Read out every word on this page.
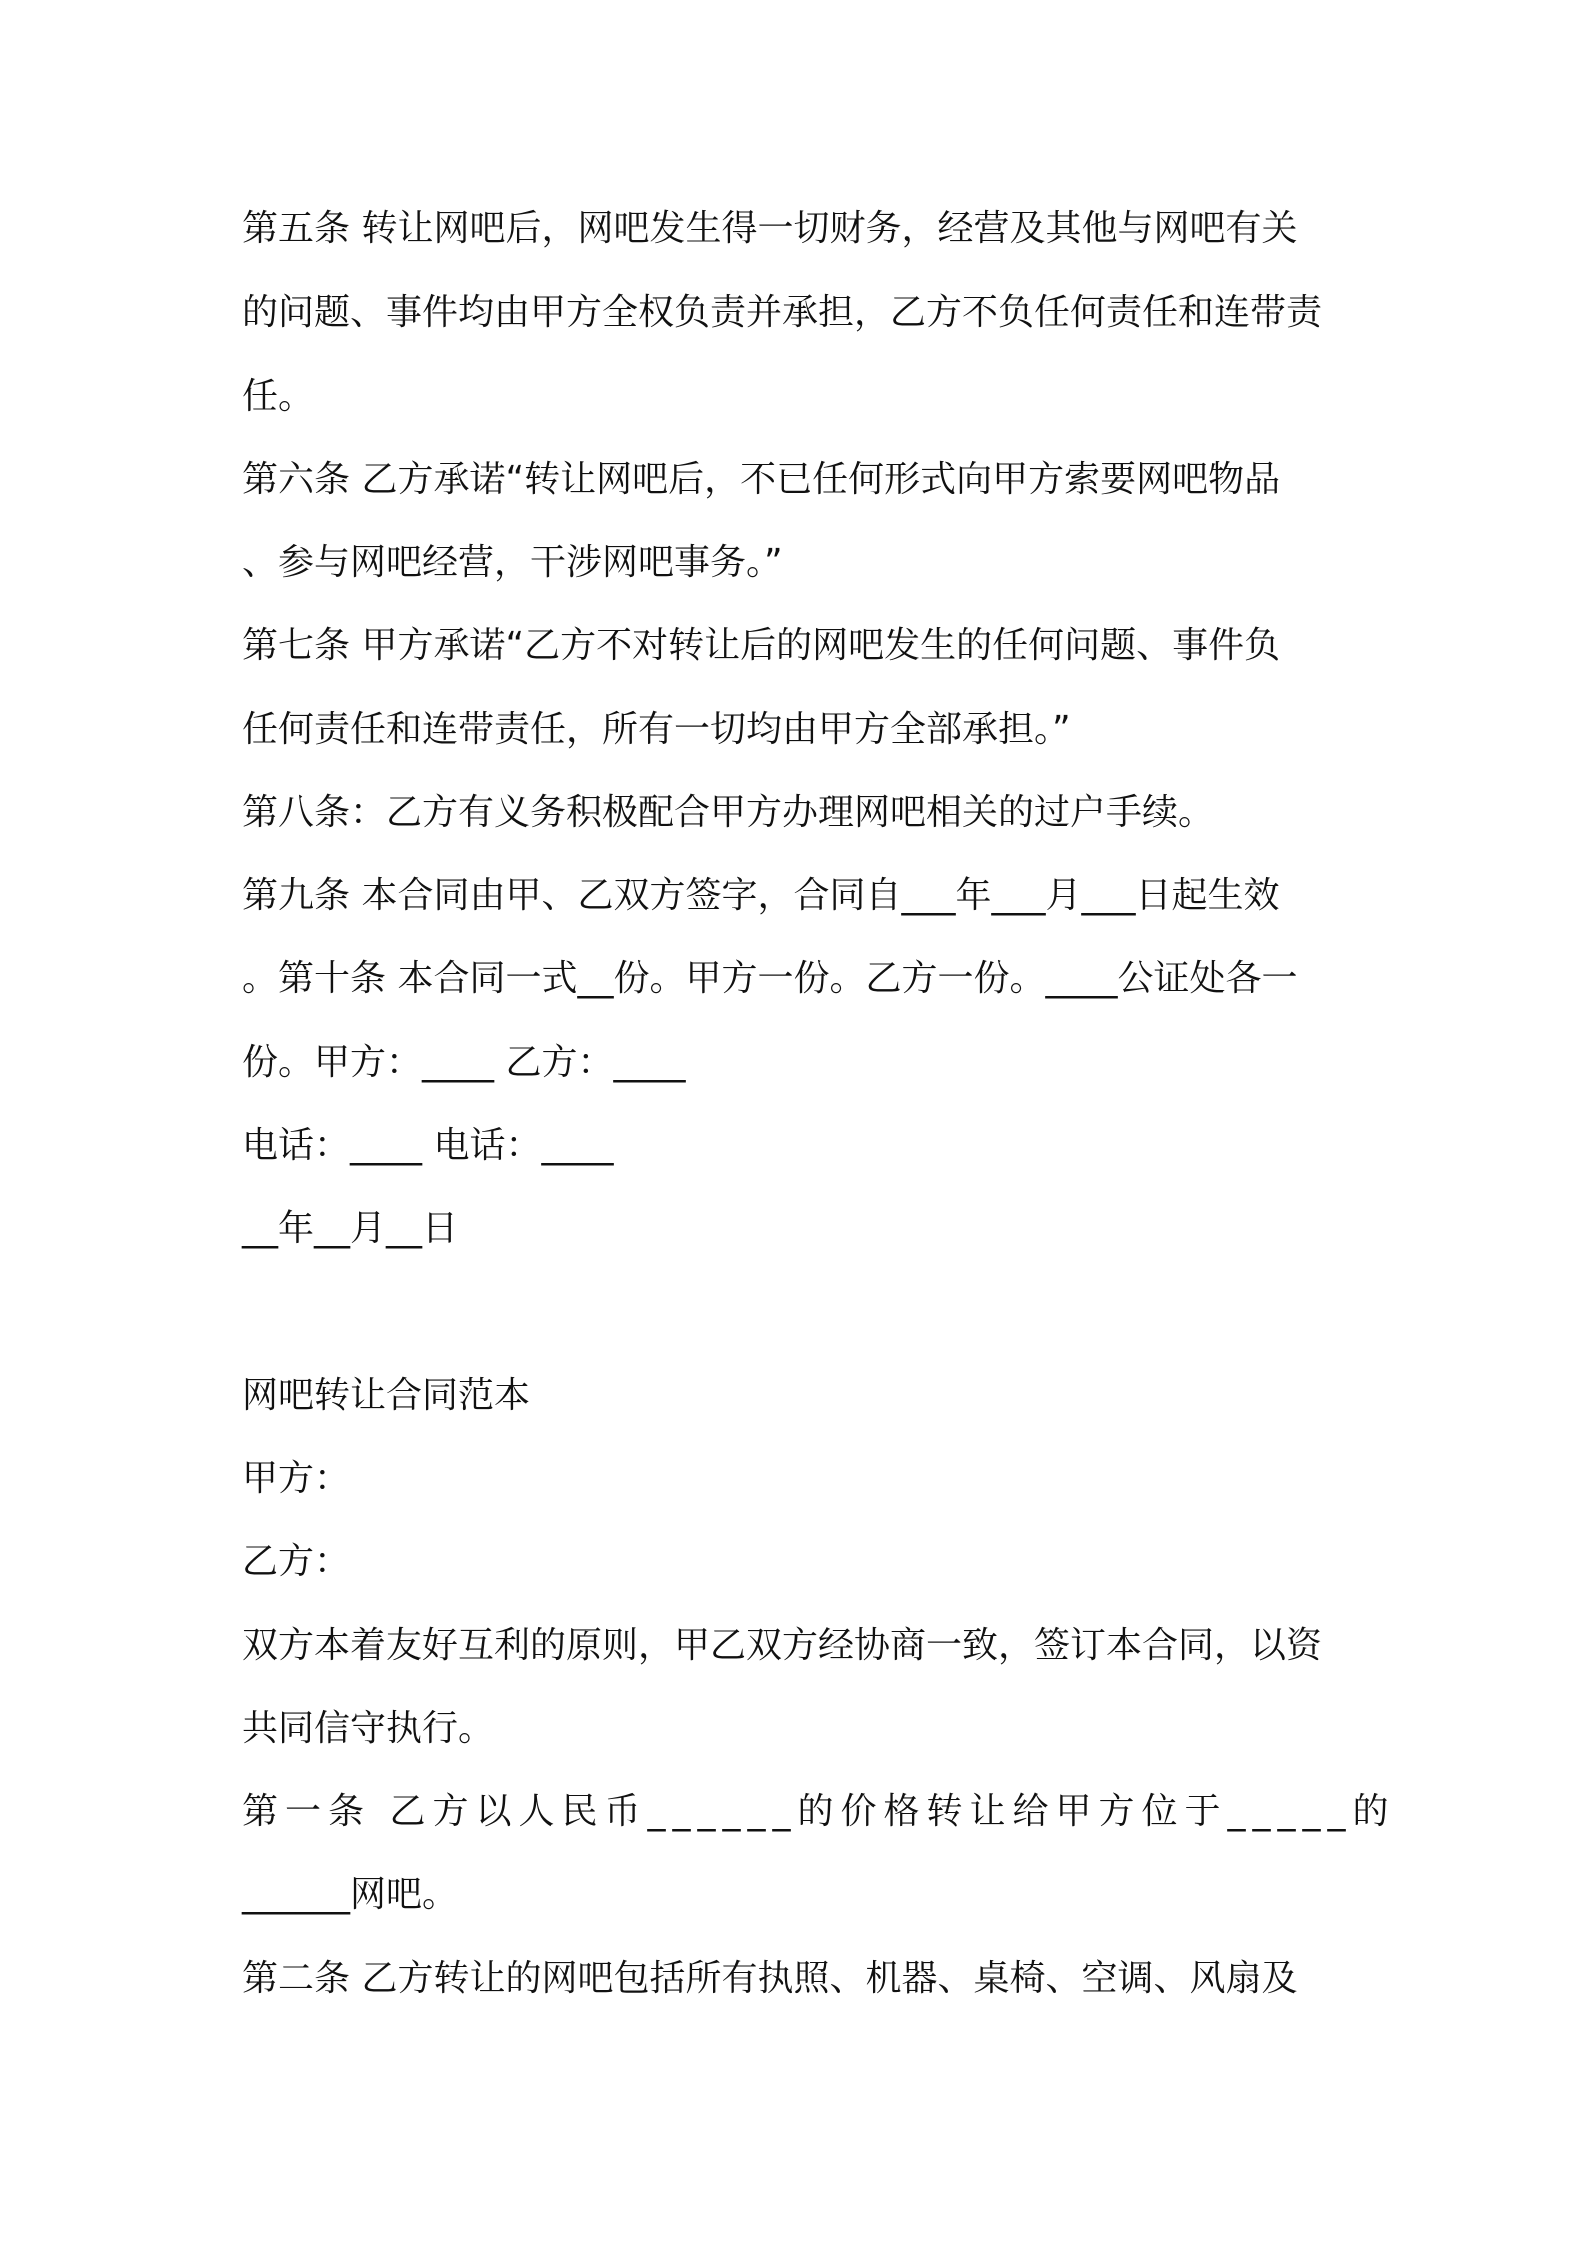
第五条 转让网吧后，网吧发生得一切财务，经营及其他与网吧有关
的问题、事件均由甲方全权负责并承担，乙方不负任何责任和连带责
任。
第六条 乙方承诺“转让网吧后，不已任何形式向甲方索要网吧物品
、参与网吧经营，干涉网吧事务。”
第七条 甲方承诺“乙方不对转让后的网吧发生的任何问题、事件负
任何责任和连带责任，所有一切均由甲方全部承担。”
第八条：乙方有义务积极配合甲方办理网吧相关的过户手续。
第九条 本合同由甲、乙双方签字，合同自___年___月___日起生效
。第十条 本合同一式__份。甲方一份。乙方一份。____公证处各一
份。甲方：____ 乙方：____
电话：____ 电话：____
__年__月__日
网吧转让合同范本
甲方：
乙方：
双方本着友好互利的原则，甲乙双方经协商一致，签订本合同，以资
共同信守执行。
第一条 乙方以人民币______的价格转让给甲方位于_____的
______网吧。
第二条 乙方转让的网吧包括所有执照、机器、桌椅、空调、风扇及
